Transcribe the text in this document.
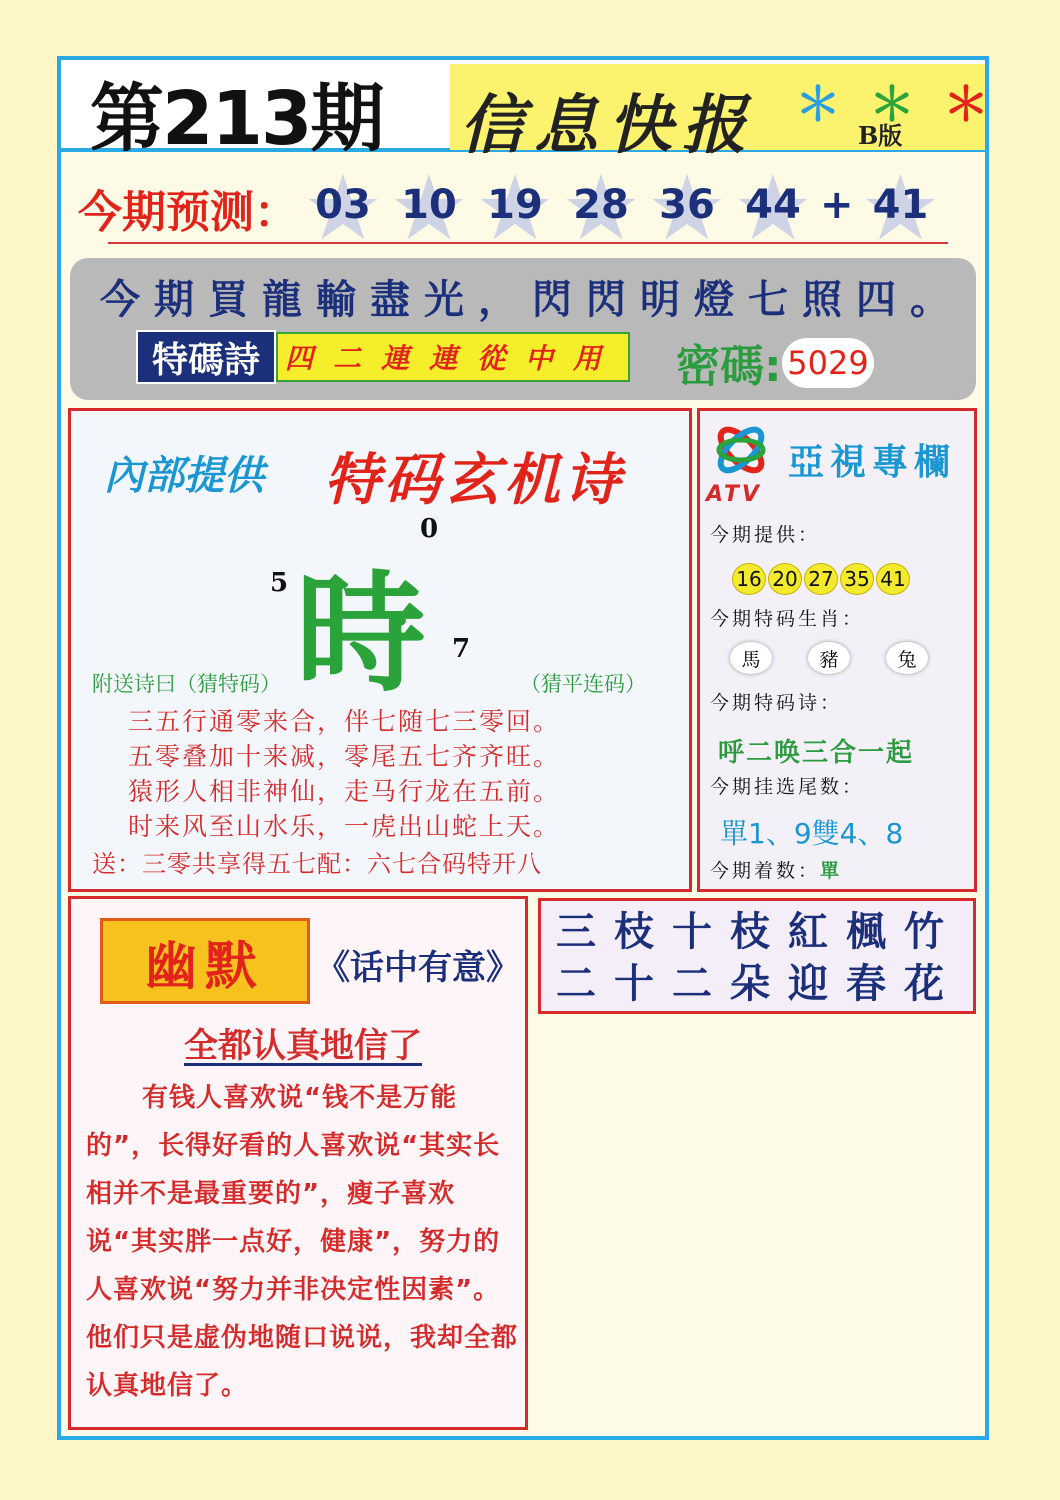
第213期 信息快报 ＊ ＊ ＊
B版
今期预测： ★ 03 ★ 10 ★ 19 ★ 28 ★ 36 ★ 44 + ★ 41
今期買龍輸盡光，閃閃明燈七照四。
特碼詩 四二連連從中用 密碼: 5029
內部提供 特码玄机诗
時
0
5
7
附送诗曰（猜特码）	（猜平连码）
三五行通零来合，伴七随七三零回。
五零叠加十来减，零尾五七齐齐旺。
猿形人相非神仙，走马行龙在五前。
时来风至山水乐，一虎出山蛇上天。
送：三零共享得五七配：六七合码特开八
ATV
亞視專欄
今期提供：
16 20 27 35 41
今期特码生肖：
馬	豬	兔
今期特码诗：
呼二唤三合一起
今期挂选尾数：
單1、9雙4、8
今期着数：單
幽默	《话中有意》
全都认真地信了
有钱人喜欢说“钱不是万能的”，长得好看的人喜欢说“其实长相并不是最重要的”，瘦子喜欢说“其实胖一点好，健康”，努力的人喜欢说“努力并非决定性因素”。他们只是虚伪地随口说说，我却全都认真地信了。
三枝十枝紅楓竹
二十二朵迎春花
